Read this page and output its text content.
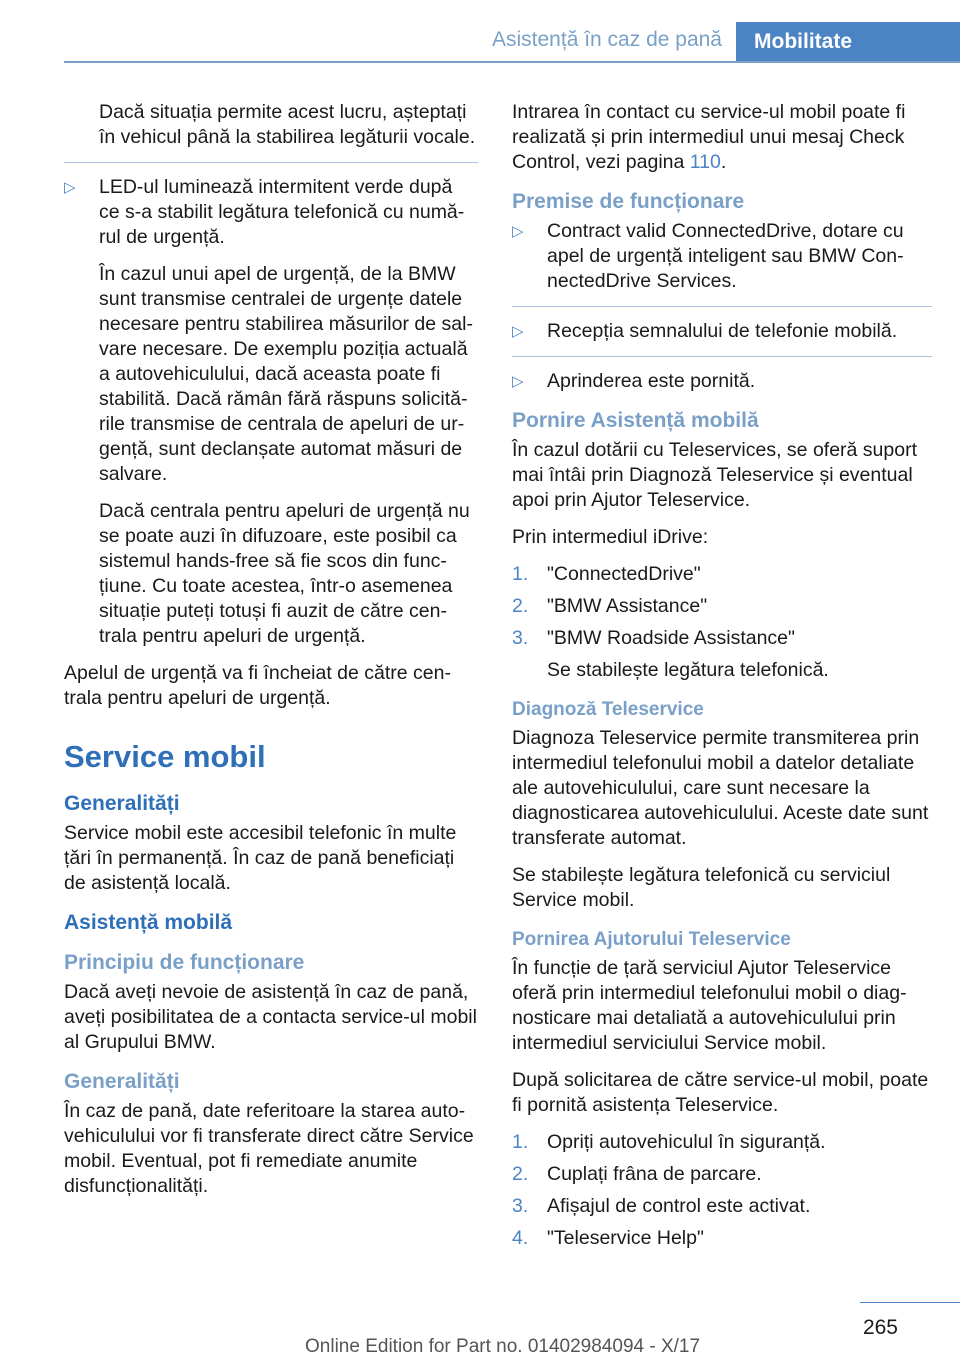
Asistență în caz de pană	Mobilitate

Dacă situația permite acest lucru, așteptați în vehicul până la stabilirea legăturii vocale.

▷ LED-ul luminează intermitent verde după ce s-a stabilit legătura telefonică cu numărul de urgență.

În cazul unui apel de urgență, de la BMW sunt transmise centralei de urgențe datele necesare pentru stabilirea măsurilor de salvare necesare. De exemplu poziția actuală a autovehiculului, dacă aceasta poate fi stabilită. Dacă rămân fără răspuns solicitările transmise de centrala de apeluri de urgență, sunt declanșate automat măsuri de salvare.

Dacă centrala pentru apeluri de urgență nu se poate auzi în difuzoare, este posibil ca sistemul hands-free să fie scos din funcțiune. Cu toate acestea, într-o asemenea situație puteți totuși fi auzit de către centrala pentru apeluri de urgență.

Apelul de urgență va fi încheiat de către centrala pentru apeluri de urgență.

Service mobil
Generalități

Service mobil este accesibil telefonic în multe țări în permanență. În caz de pană beneficiați de asistență locală.

Asistență mobilă
Principiu de funcționare

Dacă aveți nevoie de asistență în caz de pană, aveți posibilitatea de a contacta service-ul mobil al Grupului BMW.

Generalități

În caz de pană, date referitoare la starea autovehiculului vor fi transferate direct către Service mobil. Eventual, pot fi remediate anumite disfuncționalități.

Intrarea în contact cu service-ul mobil poate fi realizată și prin intermediul unui mesaj Check Control, vezi pagina 110.

Premise de funcționare
▷ Contract valid ConnectedDrive, dotare cu apel de urgență inteligent sau BMW ConnectedDrive Services.
▷ Recepția semnalului de telefonie mobilă.
▷ Aprinderea este pornită.
Pornire Asistență mobilă

În cazul dotării cu Teleservices, se oferă suport mai întâi prin Diagnoză Teleservice și eventual apoi prin Ajutor Teleservice.

Prin intermediul iDrive:

1. "ConnectedDrive"
2. "BMW Assistance"
3. "BMW Roadside Assistance"

Se stabilește legătura telefonică.

Diagnoză Teleservice

Diagnoza Teleservice permite transmiterea prin intermediul telefonului mobil a datelor detaliate ale autovehiculului, care sunt necesare la diagnosticarea autovehiculului. Aceste date sunt transferate automat.

Se stabilește legătura telefonică cu serviciul Service mobil.

Pornirea Ajutorului Teleservice

În funcție de țară serviciul Ajutor Teleservice oferă prin intermediul telefonului mobil o diagnosticare mai detaliată a autovehiculului prin intermediul serviciului Service mobil.

După solicitarea de către service-ul mobil, poate fi pornită asistența Teleservice.

1. Opriți autovehiculul în siguranță.
2. Cuplați frâna de parcare.
3. Afișajul de control este activat.
4. "Teleservice Help"
265
Online Edition for Part no. 01402984094 - X/17
